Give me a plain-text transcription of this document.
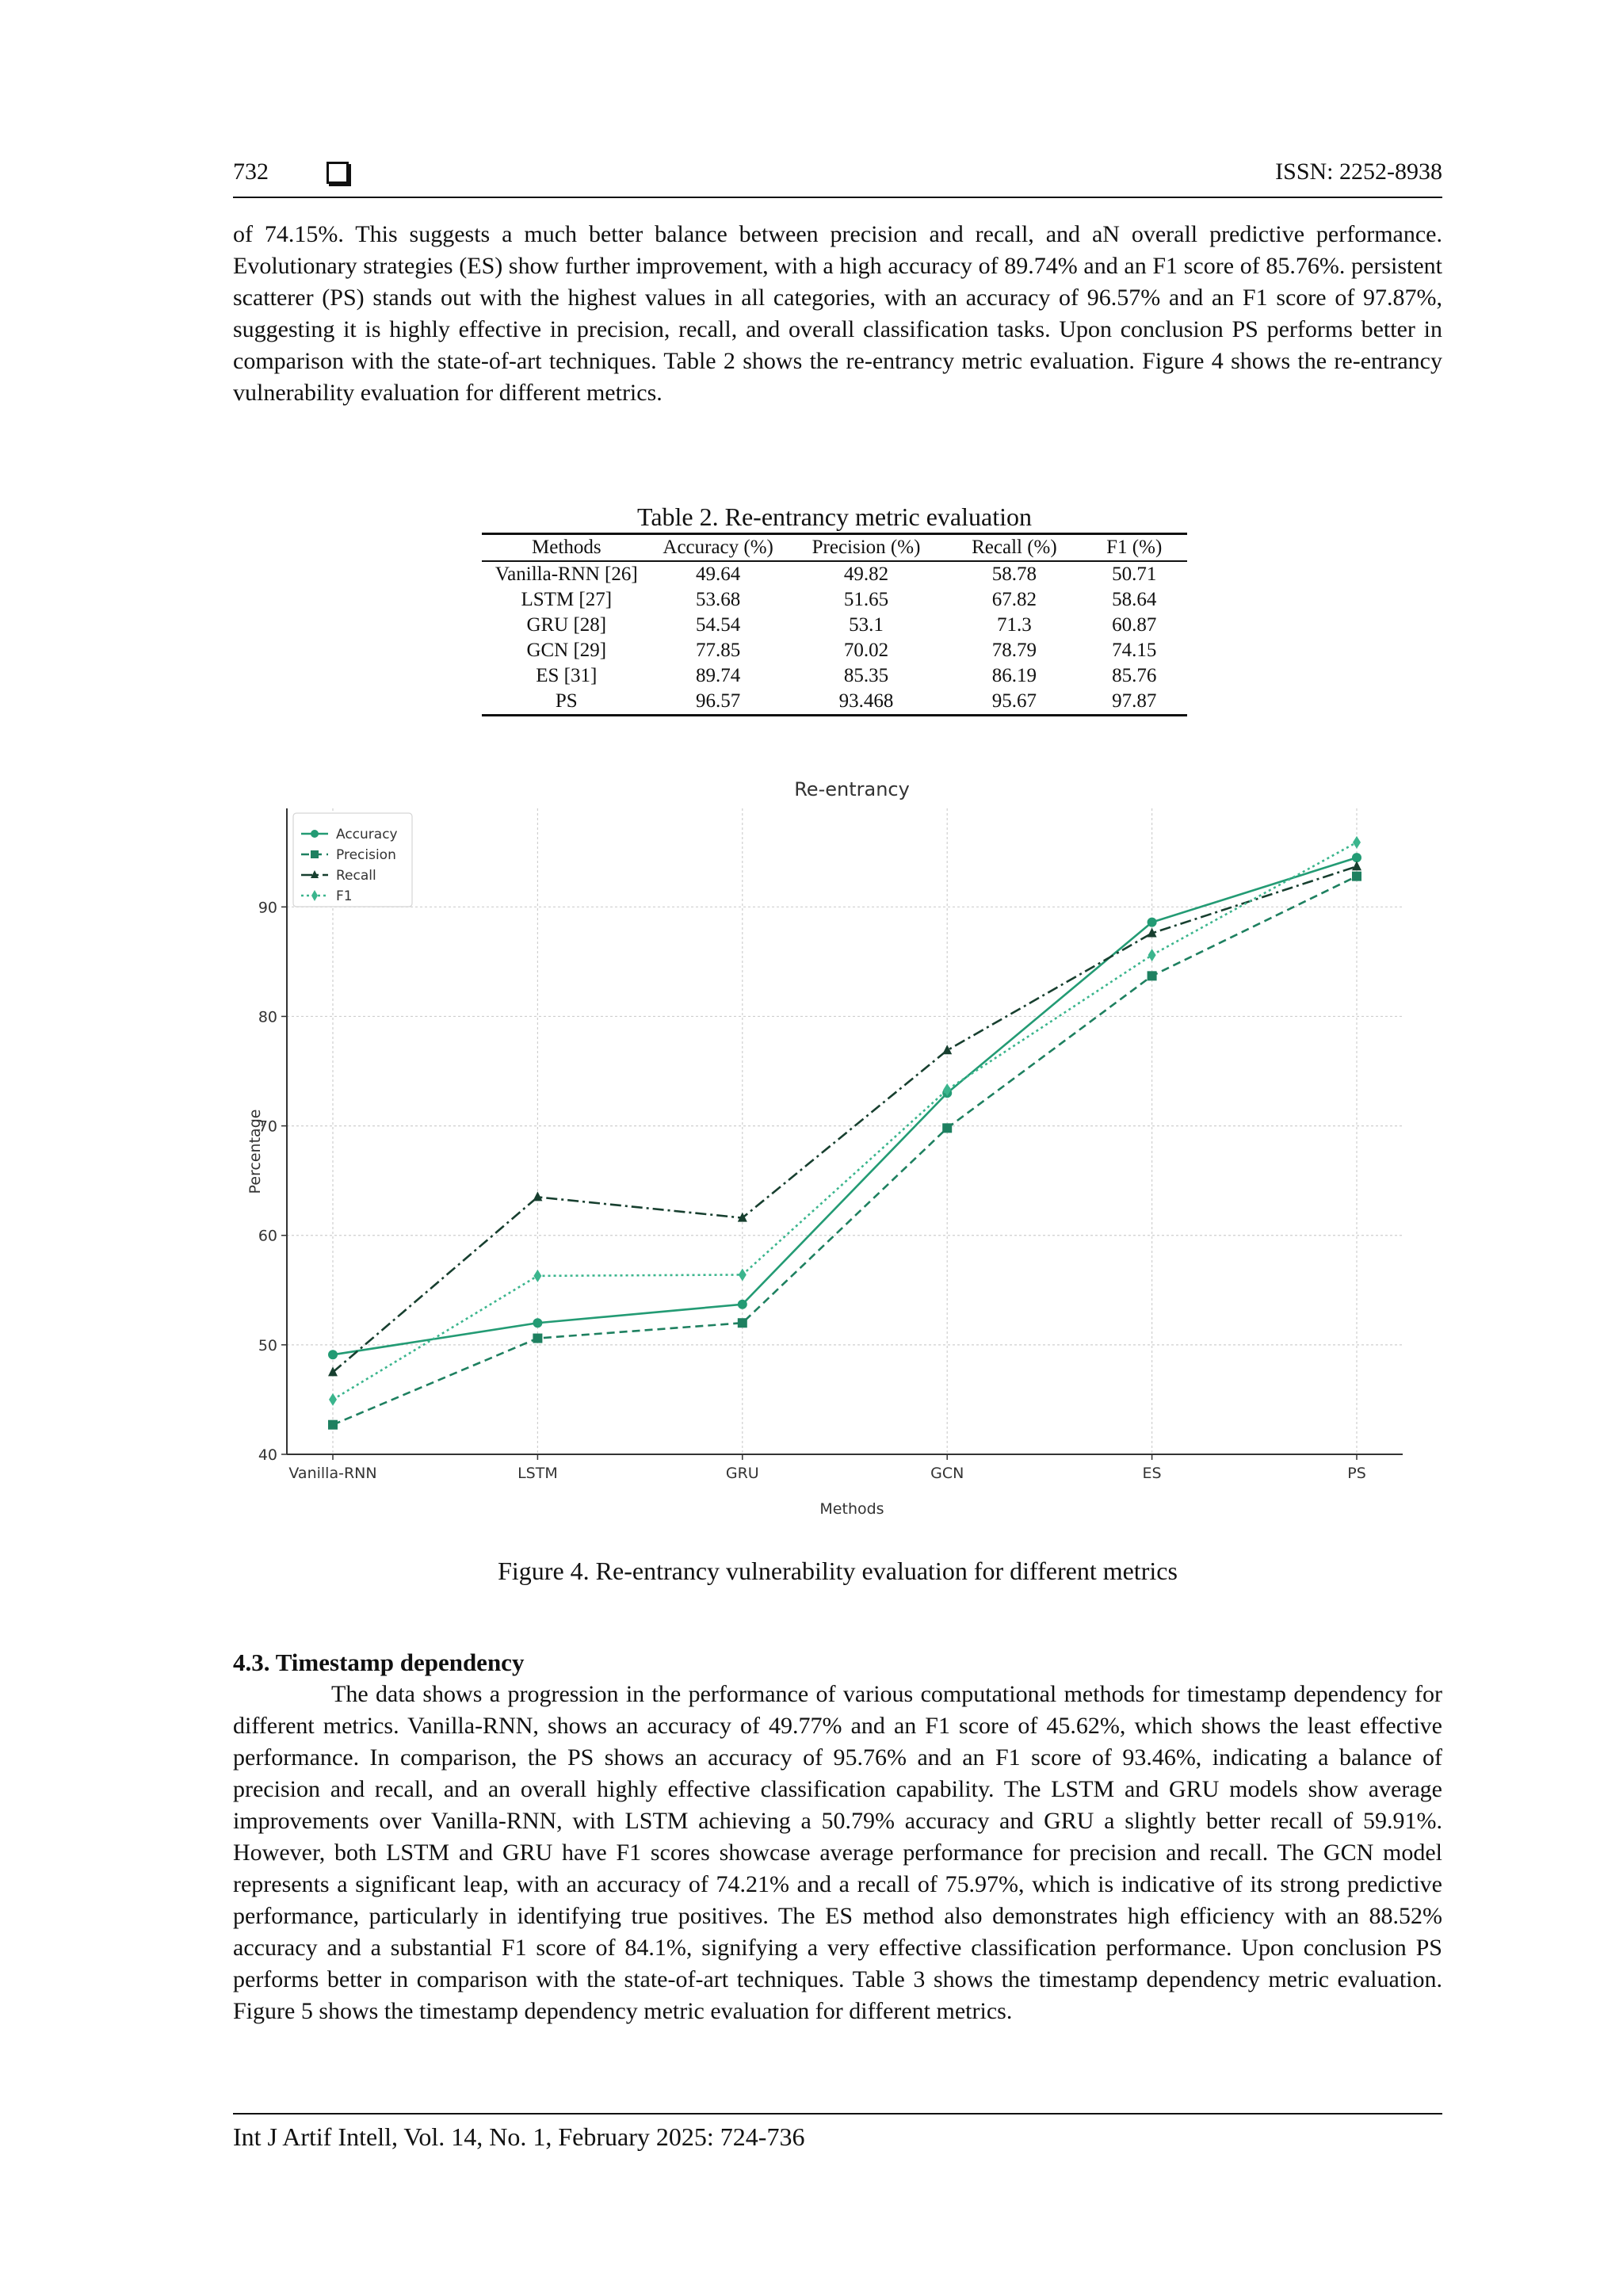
732	ISSN: 2252-8938

of 74.15%. This suggests a much better balance between precision and recall, and aN overall predictive performance. Evolutionary strategies (ES) show further improvement, with a high accuracy of 89.74% and an F1 score of 85.76%. persistent scatterer (PS) stands out with the highest values in all categories, with an accuracy of 96.57% and an F1 score of 97.87%, suggesting it is highly effective in precision, recall, and overall classification tasks. Upon conclusion PS performs better in comparison with the state-of-art techniques. Table 2 shows the re-entrancy metric evaluation. Figure 4 shows the re-entrancy vulnerability evaluation for different metrics.

Table 2. Re-entrancy metric evaluation
Methods	Accuracy (%)	Precision (%)	Recall (%)	F1 (%)
Vanilla-RNN [26]	49.64	49.82	58.78	50.71
LSTM [27]	53.68	51.65	67.82	58.64
GRU [28]	54.54	53.1	71.3	60.87
GCN [29]	77.85	70.02	78.79	74.15
ES [31]	89.74	85.35	86.19	85.76
PS	96.57	93.468	95.67	97.87
Re-entrancy
40
50
60
70
80
90
Vanilla-RNN	LSTM	GRU	GCN	ES	PS
Accuracy
Precision
Recall
F1
Methods
Percentage
Figure 4. Re-entrancy vulnerability evaluation for different metrics
4.3. Timestamp dependency

The data shows a progression in the performance of various computational methods for timestamp dependency for different metrics. Vanilla-RNN, shows an accuracy of 49.77% and an F1 score of 45.62%, which shows the least effective performance. In comparison, the PS shows an accuracy of 95.76% and an F1 score of 93.46%, indicating a balance of precision and recall, and an overall highly effective classification capability. The LSTM and GRU models show average improvements over Vanilla-RNN, with LSTM achieving a 50.79% accuracy and GRU a slightly better recall of 59.91%. However, both LSTM and GRU have F1 scores showcase average performance for precision and recall. The GCN model represents a significant leap, with an accuracy of 74.21% and a recall of 75.97%, which is indicative of its strong predictive performance, particularly in identifying true positives. The ES method also demonstrates high efficiency with an 88.52% accuracy and a substantial F1 score of 84.1%, signifying a very effective classification performance. Upon conclusion PS performs better in comparison with the state-of-art techniques. Table 3 shows the timestamp dependency metric evaluation. Figure 5 shows the timestamp dependency metric evaluation for different metrics.

Int J Artif Intell, Vol. 14, No. 1, February 2025: 724-736
